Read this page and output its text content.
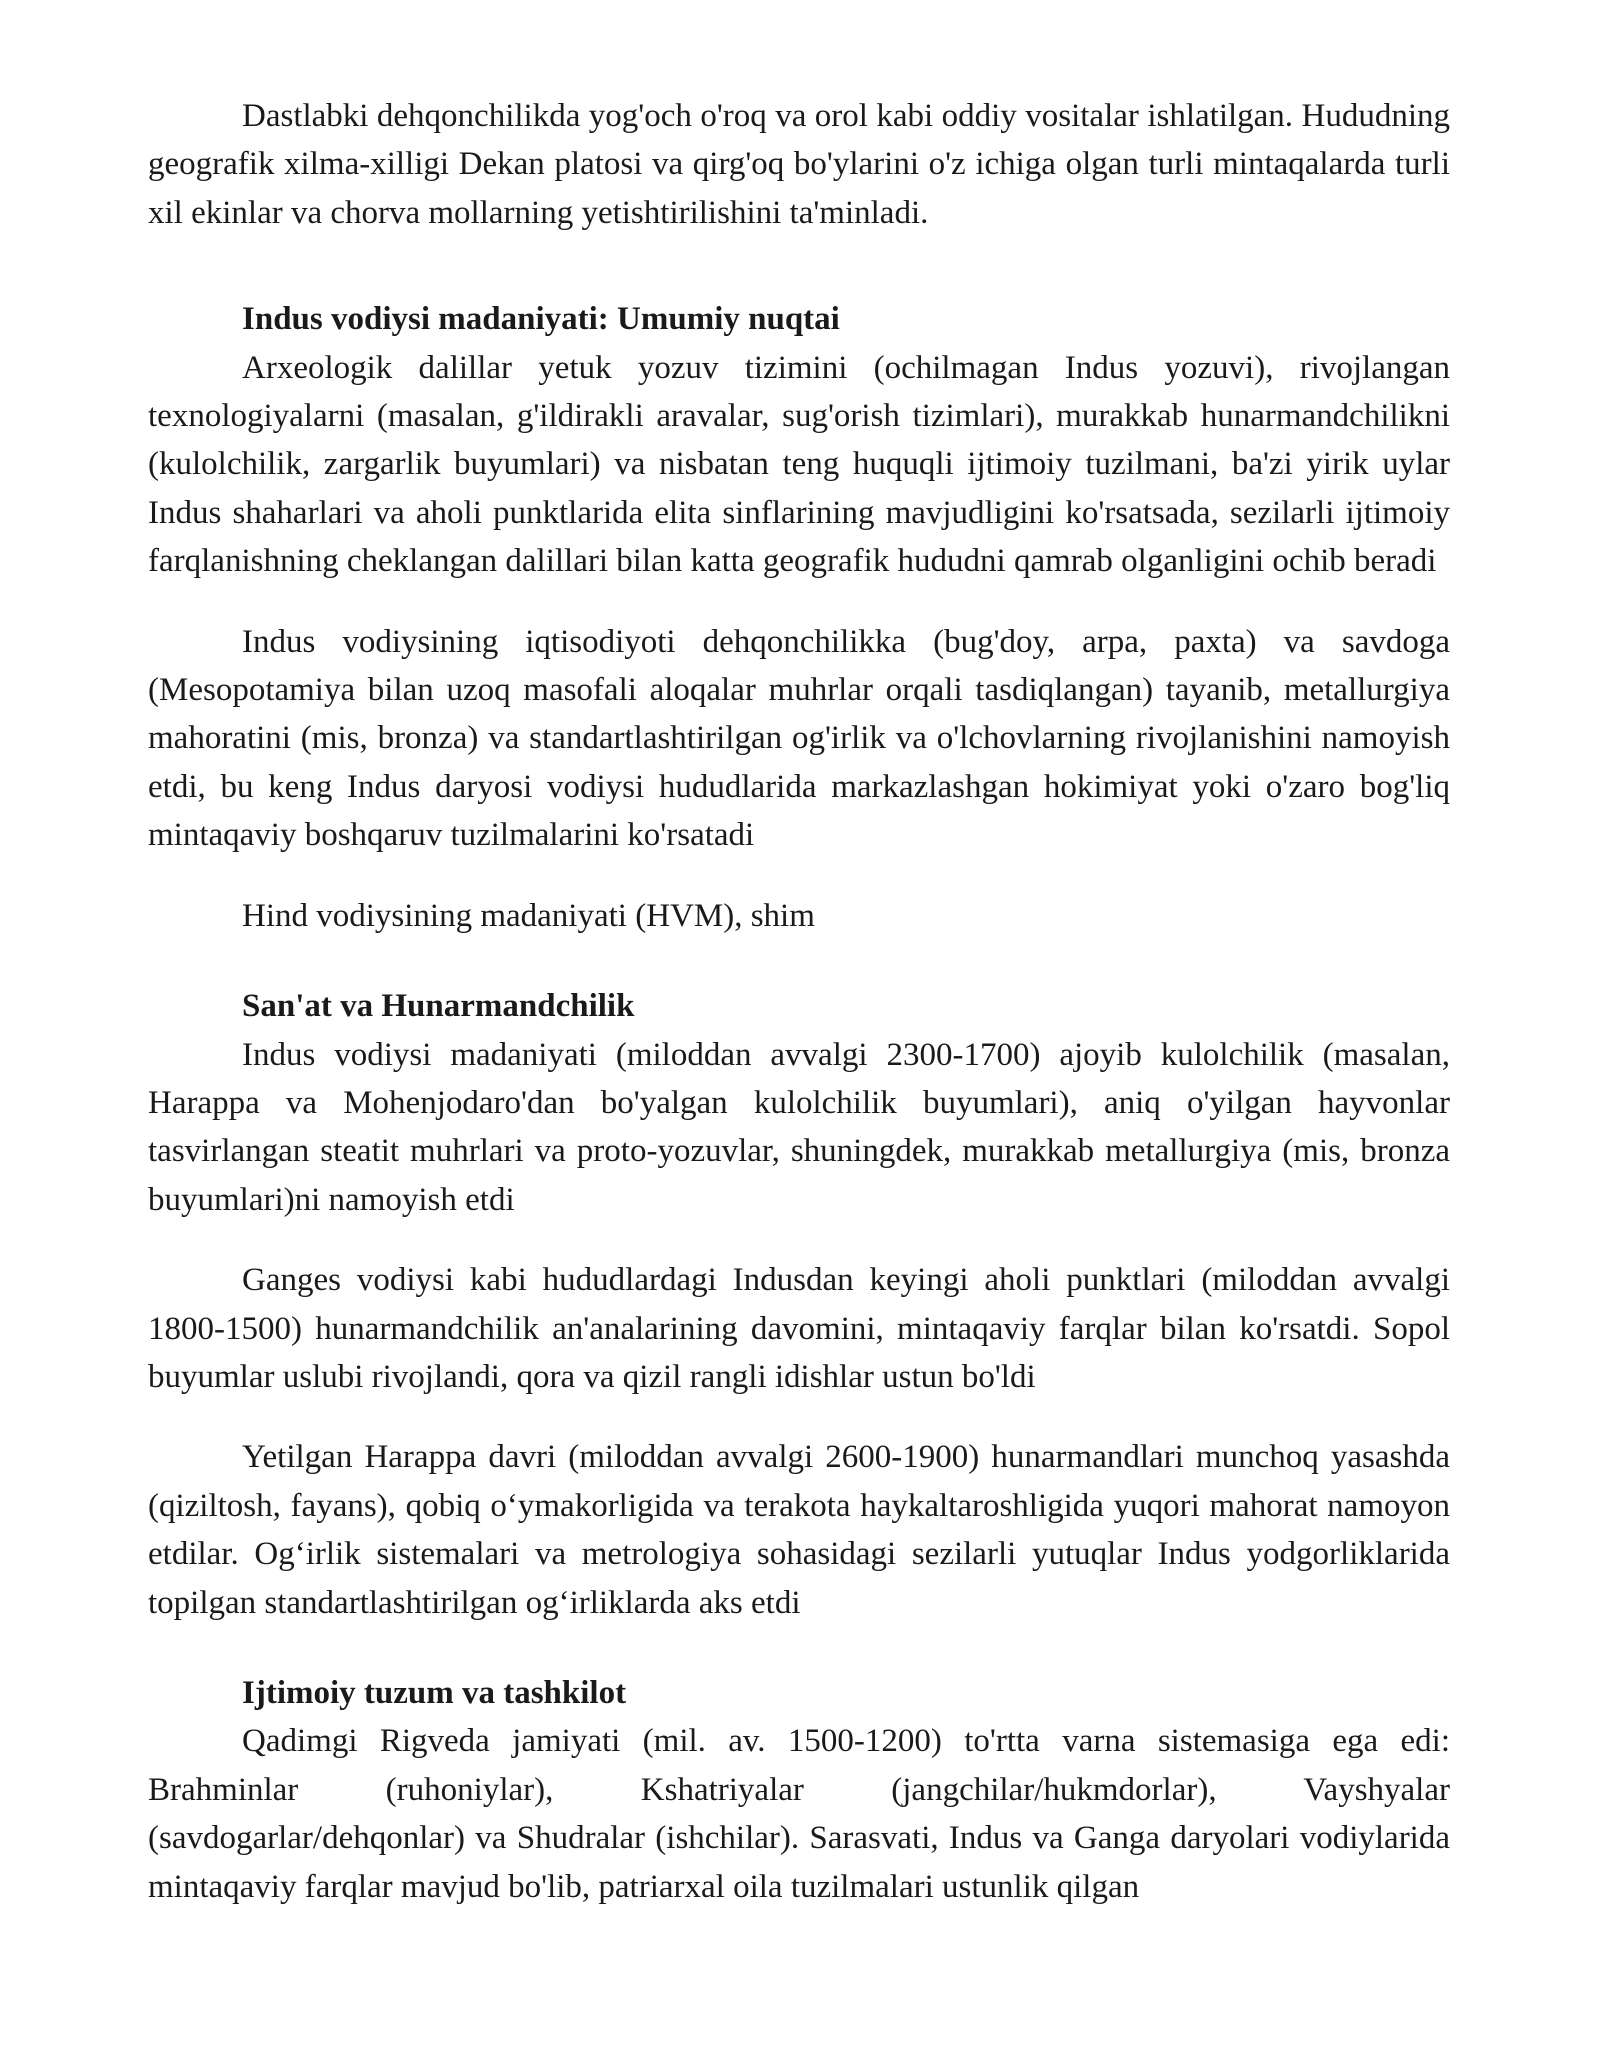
Dastlabki dehqonchilikda yog'och o'roq va orol kabi oddiy vositalar ishlatilgan. Hududning geografik xilma-xilligi Dekan platosi va qirg'oq bo'ylarini o'z ichiga olgan turli mintaqalarda turli xil ekinlar va chorva mollarning yetishtirilishini ta'minladi.

Indus vodiysi madaniyati: Umumiy nuqtai

Arxeologik dalillar yetuk yozuv tizimini (ochilmagan Indus yozuvi), rivojlangan texnologiyalarni (masalan, g'ildirakli aravalar, sug'orish tizimlari), murakkab hunarmandchilikni (kulolchilik, zargarlik buyumlari) va nisbatan teng huquqli ijtimoiy tuzilmani, ba'zi yirik uylar Indus shaharlari va aholi punktlarida elita sinflarining mavjudligini ko'rsatsada, sezilarli ijtimoiy farqlanishning cheklangan dalillari bilan katta geografik hududni qamrab olganligini ochib beradi

Indus vodiysining iqtisodiyoti dehqonchilikka (bug'doy, arpa, paxta) va savdoga (Mesopotamiya bilan uzoq masofali aloqalar muhrlar orqali tasdiqlangan) tayanib, metallurgiya mahoratini (mis, bronza) va standartlashtirilgan og'irlik va o'lchovlarning rivojlanishini namoyish etdi, bu keng Indus daryosi vodiysi hududlarida markazlashgan hokimiyat yoki o'zaro bog'liq mintaqaviy boshqaruv tuzilmalarini ko'rsatadi

Hind vodiysining madaniyati (HVM), shim

San'at va Hunarmandchilik

Indus vodiysi madaniyati (miloddan avvalgi 2300-1700) ajoyib kulolchilik (masalan, Harappa va Mohenjodaro'dan bo'yalgan kulolchilik buyumlari), aniq o'yilgan hayvonlar tasvirlangan steatit muhrlari va proto-yozuvlar, shuningdek, murakkab metallurgiya (mis, bronza buyumlari)ni namoyish etdi

Ganges vodiysi kabi hududlardagi Indusdan keyingi aholi punktlari (miloddan avvalgi 1800-1500) hunarmandchilik an'analarining davomini, mintaqaviy farqlar bilan ko'rsatdi. Sopol buyumlar uslubi rivojlandi, qora va qizil rangli idishlar ustun bo'ldi

Yetilgan Harappa davri (miloddan avvalgi 2600-1900) hunarmandlari munchoq yasashda (qiziltosh, fayans), qobiq oʻymakorligida va terakota haykaltaroshligida yuqori mahorat namoyon etdilar. Ogʻirlik sistemalari va metrologiya sohasidagi sezilarli yutuqlar Indus yodgorliklarida topilgan standartlashtirilgan ogʻirliklarda aks etdi

Ijtimoiy tuzum va tashkilot

Qadimgi Rigveda jamiyati (mil. av. 1500-1200) to'rtta varna sistemasiga ega edi: Brahminlar (ruhoniylar), Kshatriyalar (jangchilar/hukmdorlar), Vayshyalar (savdogarlar/dehqonlar) va Shudralar (ishchilar). Sarasvati, Indus va Ganga daryolari vodiylarida mintaqaviy farqlar mavjud bo'lib, patriarxal oila tuzilmalari ustunlik qilgan
